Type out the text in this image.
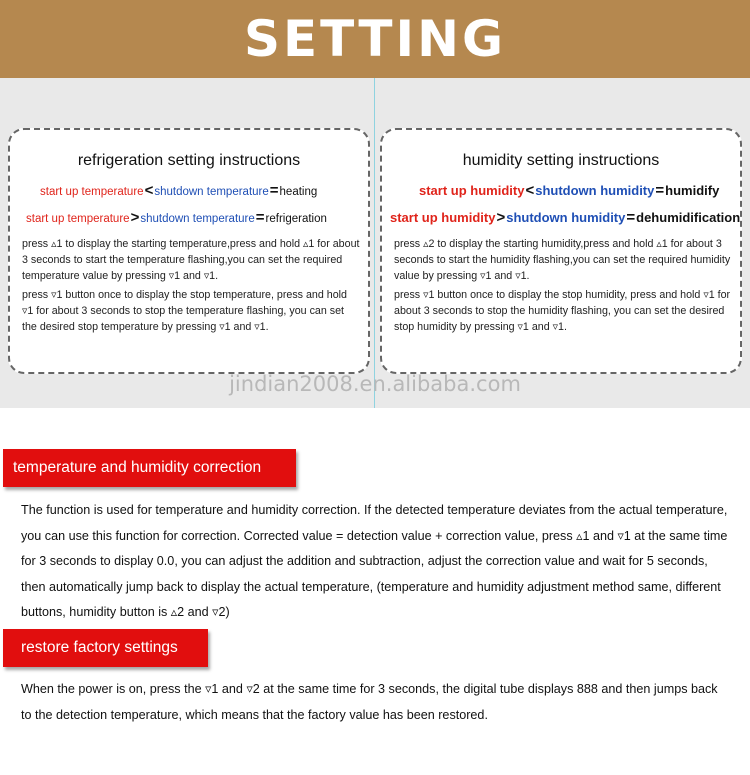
SETTING
refrigeration setting instructions
start up temperature<shutdown temperature=heating
start up temperature>shutdown temperature=refrigeration

press ▵1 to display the starting temperature,press and hold ▵1 for about 3 seconds to start the temperature flashing,you can set the required temperature value by pressing ▿1 and ▿1.

press ▿1 button once to display the stop temperature, press and hold ▿1 for about 3 seconds to stop the temperature flashing, you can set the desired stop temperature by pressing ▿1 and ▿1.

humidity setting instructions
start up humidity<shutdown humidity=humidify
start up humidity>shutdown humidity=dehumidification

press ▵2 to display the starting humidity,press and hold ▵1 for about 3 seconds to start the humidity flashing,you can set the required humidity value by pressing ▿1 and ▿1.

press ▿1 button once to display the stop humidity, press and hold ▿1 for about 3 seconds to stop the humidity flashing, you can set the desired stop humidity by pressing ▿1 and ▿1.

jindian2008.en.alibaba.com
temperature and humidity correction
The function is used for temperature and humidity correction. If the detected temperature deviates from the actual temperature, you can use this function for correction. Corrected value = detection value + correction value, press ▵1 and ▿1 at the same time for 3 seconds to display 0.0, you can adjust the addition and subtraction, adjust the correction value and wait for 5 seconds, then automatically jump back to display the actual temperature, (temperature and humidity adjustment method same, different buttons, humidity button is ▵2 and ▿2)
restore factory settings
When the power is on, press the ▿1 and ▿2 at the same time for 3 seconds, the digital tube displays 888 and then jumps back to the detection temperature, which means that the factory value has been restored.
